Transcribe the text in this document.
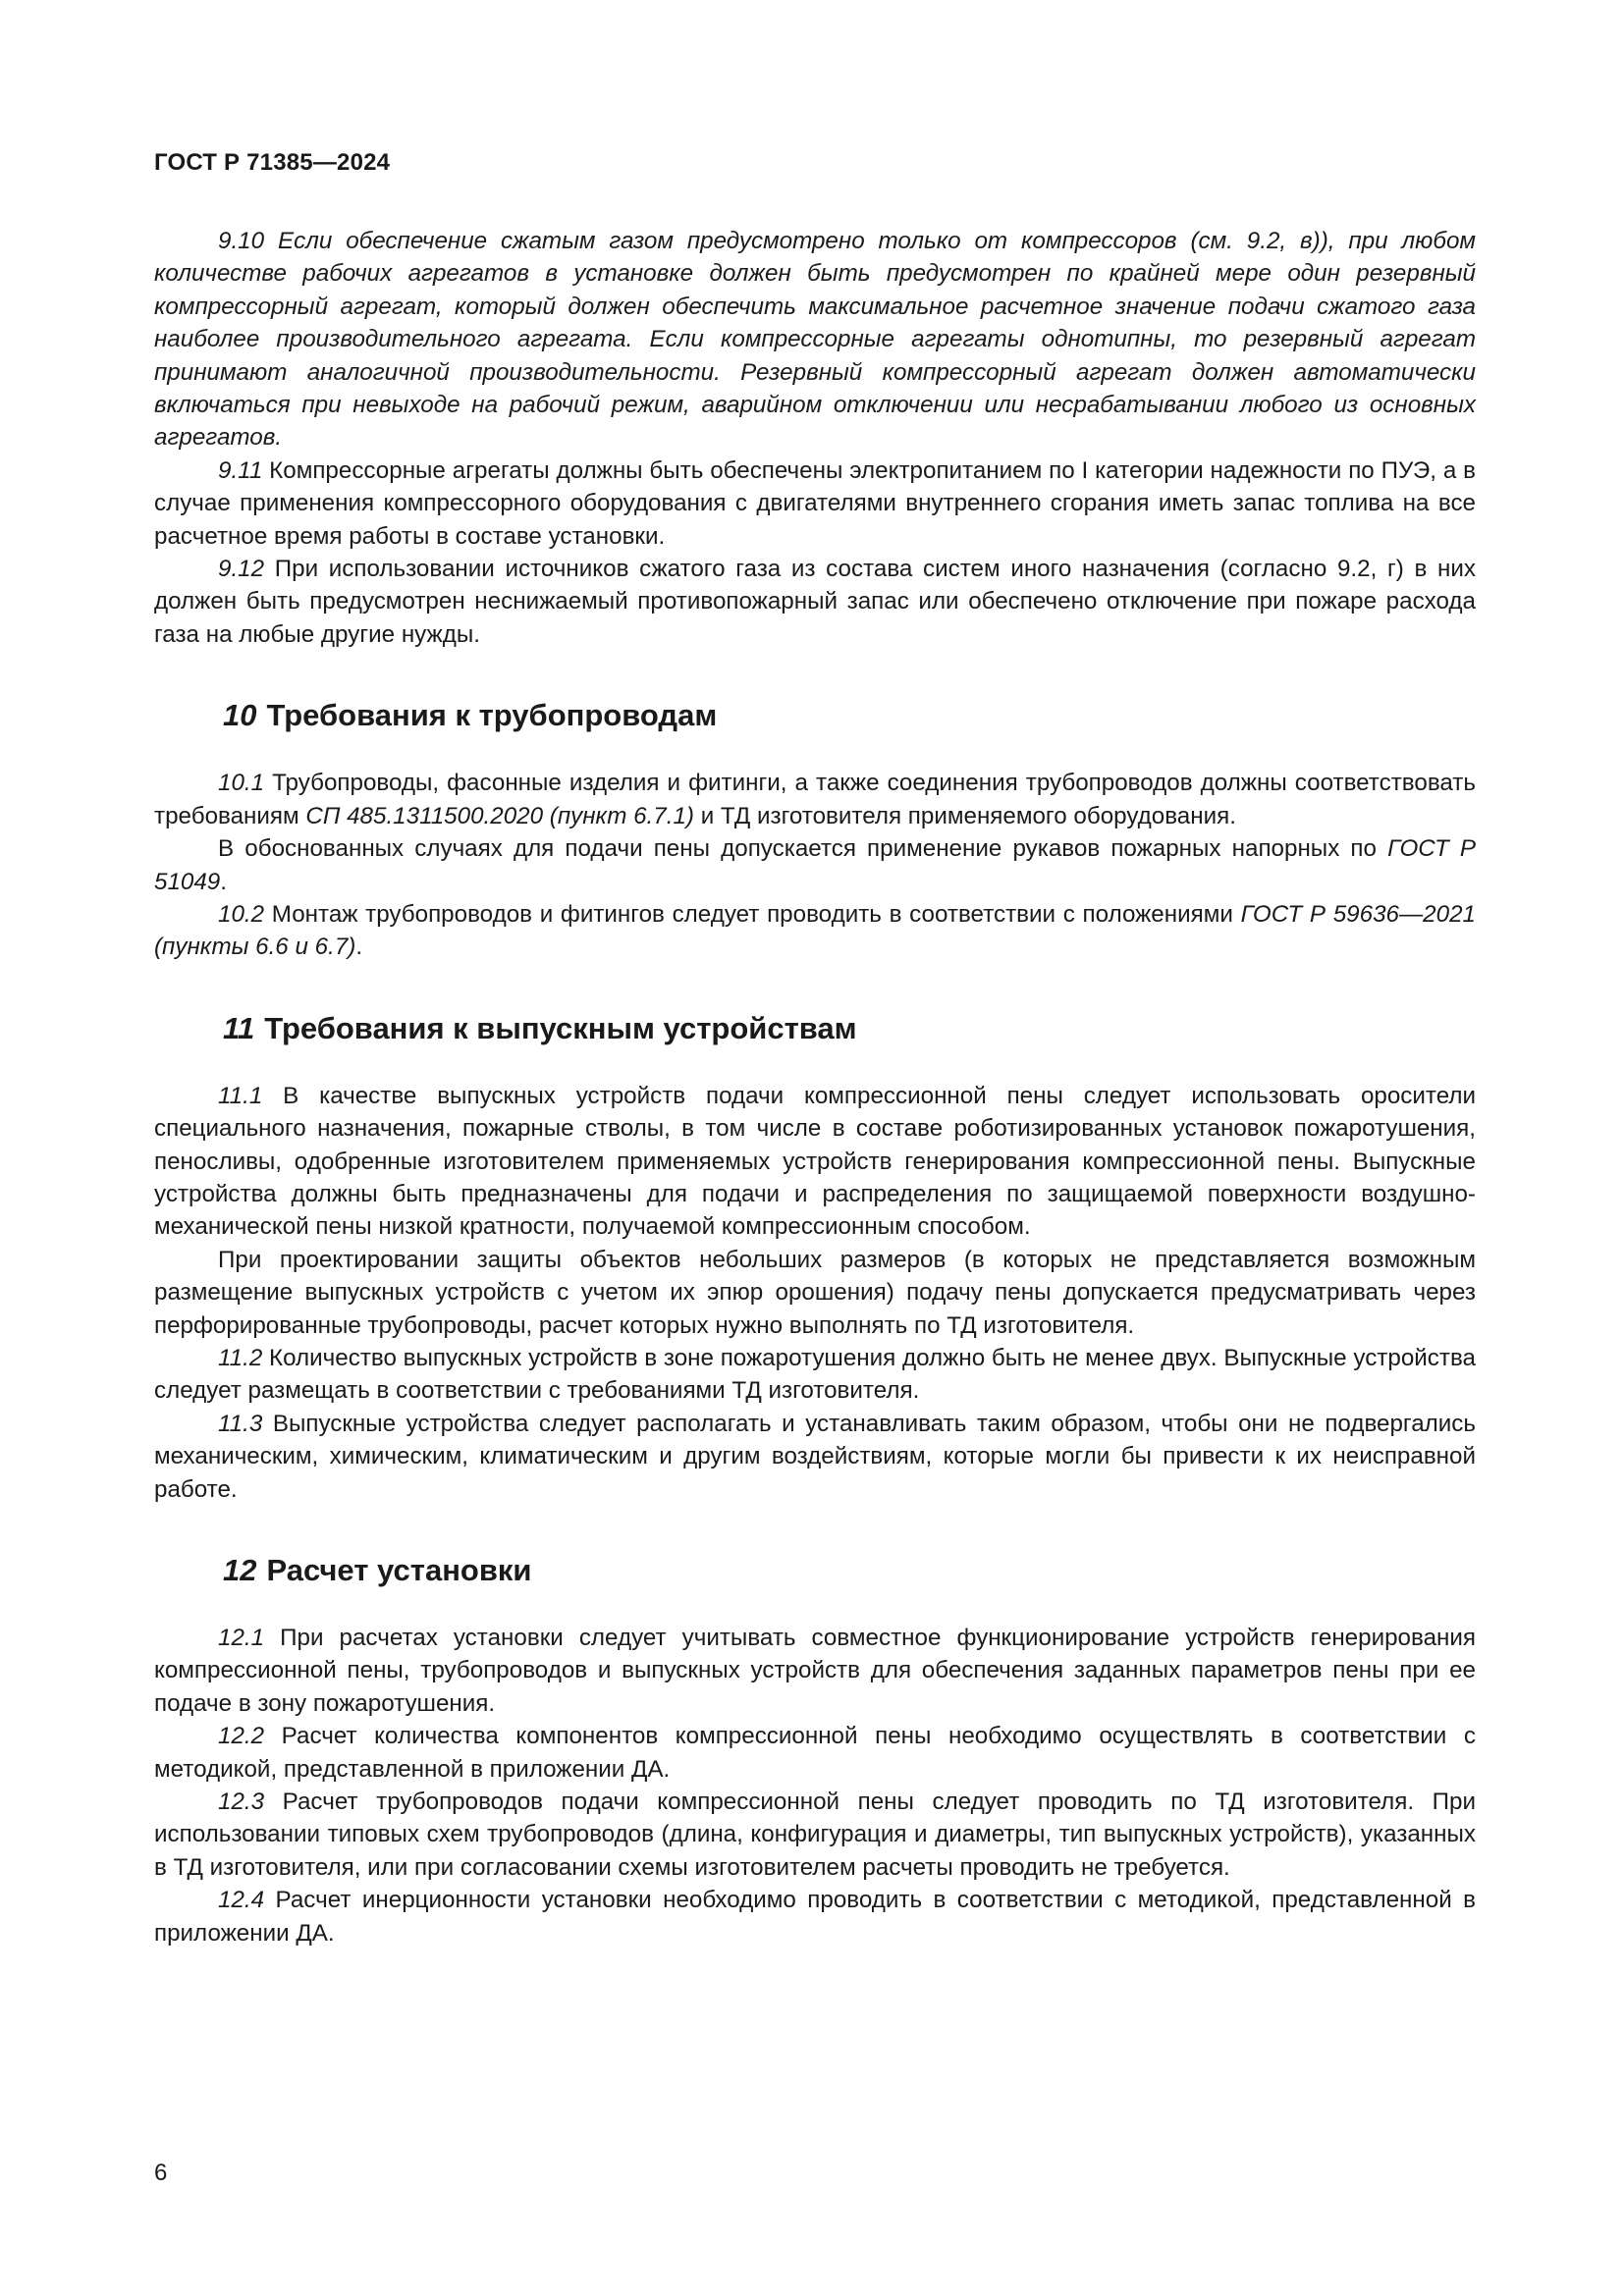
ГОСТ Р 71385—2024

9.10 Если обеспечение сжатым газом предусмотрено только от компрессоров (см. 9.2, в)), при любом количестве рабочих агрегатов в установке должен быть предусмотрен по крайней мере один резервный компрессорный агрегат, который должен обеспечить максимальное расчетное значение подачи сжатого газа наиболее производительного агрегата. Если компрессорные агрегаты однотипны, то резервный агрегат принимают аналогичной производительности. Резервный компрессорный агрегат должен автоматически включаться при невыходе на рабочий режим, аварийном отключении или несрабатывании любого из основных агрегатов.

9.11 Компрессорные агрегаты должны быть обеспечены электропитанием по I категории надежности по ПУЭ, а в случае применения компрессорного оборудования с двигателями внутреннего сгорания иметь запас топлива на все расчетное время работы в составе установки.

9.12 При использовании источников сжатого газа из состава систем иного назначения (согласно 9.2, г) в них должен быть предусмотрен неснижаемый противопожарный запас или обеспечено отключение при пожаре расхода газа на любые другие нужды.

10 Требования к трубопроводам

10.1 Трубопроводы, фасонные изделия и фитинги, а также соединения трубопроводов должны соответствовать требованиям СП 485.1311500.2020 (пункт 6.7.1) и ТД изготовителя применяемого оборудования.

В обоснованных случаях для подачи пены допускается применение рукавов пожарных напорных по ГОСТ Р 51049.

10.2 Монтаж трубопроводов и фитингов следует проводить в соответствии с положениями ГОСТ Р 59636—2021 (пункты 6.6 и 6.7).

11 Требования к выпускным устройствам

11.1 В качестве выпускных устройств подачи компрессионной пены следует использовать оросители специального назначения, пожарные стволы, в том числе в составе роботизированных установок пожаротушения, пеносливы, одобренные изготовителем применяемых устройств генерирования компрессионной пены. Выпускные устройства должны быть предназначены для подачи и распределения по защищаемой поверхности воздушно-механической пены низкой кратности, получаемой компрессионным способом.

При проектировании защиты объектов небольших размеров (в которых не представляется возможным размещение выпускных устройств с учетом их эпюр орошения) подачу пены допускается предусматривать через перфорированные трубопроводы, расчет которых нужно выполнять по ТД изготовителя.

11.2 Количество выпускных устройств в зоне пожаротушения должно быть не менее двух. Выпускные устройства следует размещать в соответствии с требованиями ТД изготовителя.

11.3 Выпускные устройства следует располагать и устанавливать таким образом, чтобы они не подвергались механическим, химическим, климатическим и другим воздействиям, которые могли бы привести к их неисправной работе.

12 Расчет установки

12.1 При расчетах установки следует учитывать совместное функционирование устройств генерирования компрессионной пены, трубопроводов и выпускных устройств для обеспечения заданных параметров пены при ее подаче в зону пожаротушения.

12.2 Расчет количества компонентов компрессионной пены необходимо осуществлять в соответствии с методикой, представленной в приложении ДА.

12.3 Расчет трубопроводов подачи компрессионной пены следует проводить по ТД изготовителя. При использовании типовых схем трубопроводов (длина, конфигурация и диаметры, тип выпускных устройств), указанных в ТД изготовителя, или при согласовании схемы изготовителем расчеты проводить не требуется.

12.4 Расчет инерционности установки необходимо проводить в соответствии с методикой, представленной в приложении ДА.

6
